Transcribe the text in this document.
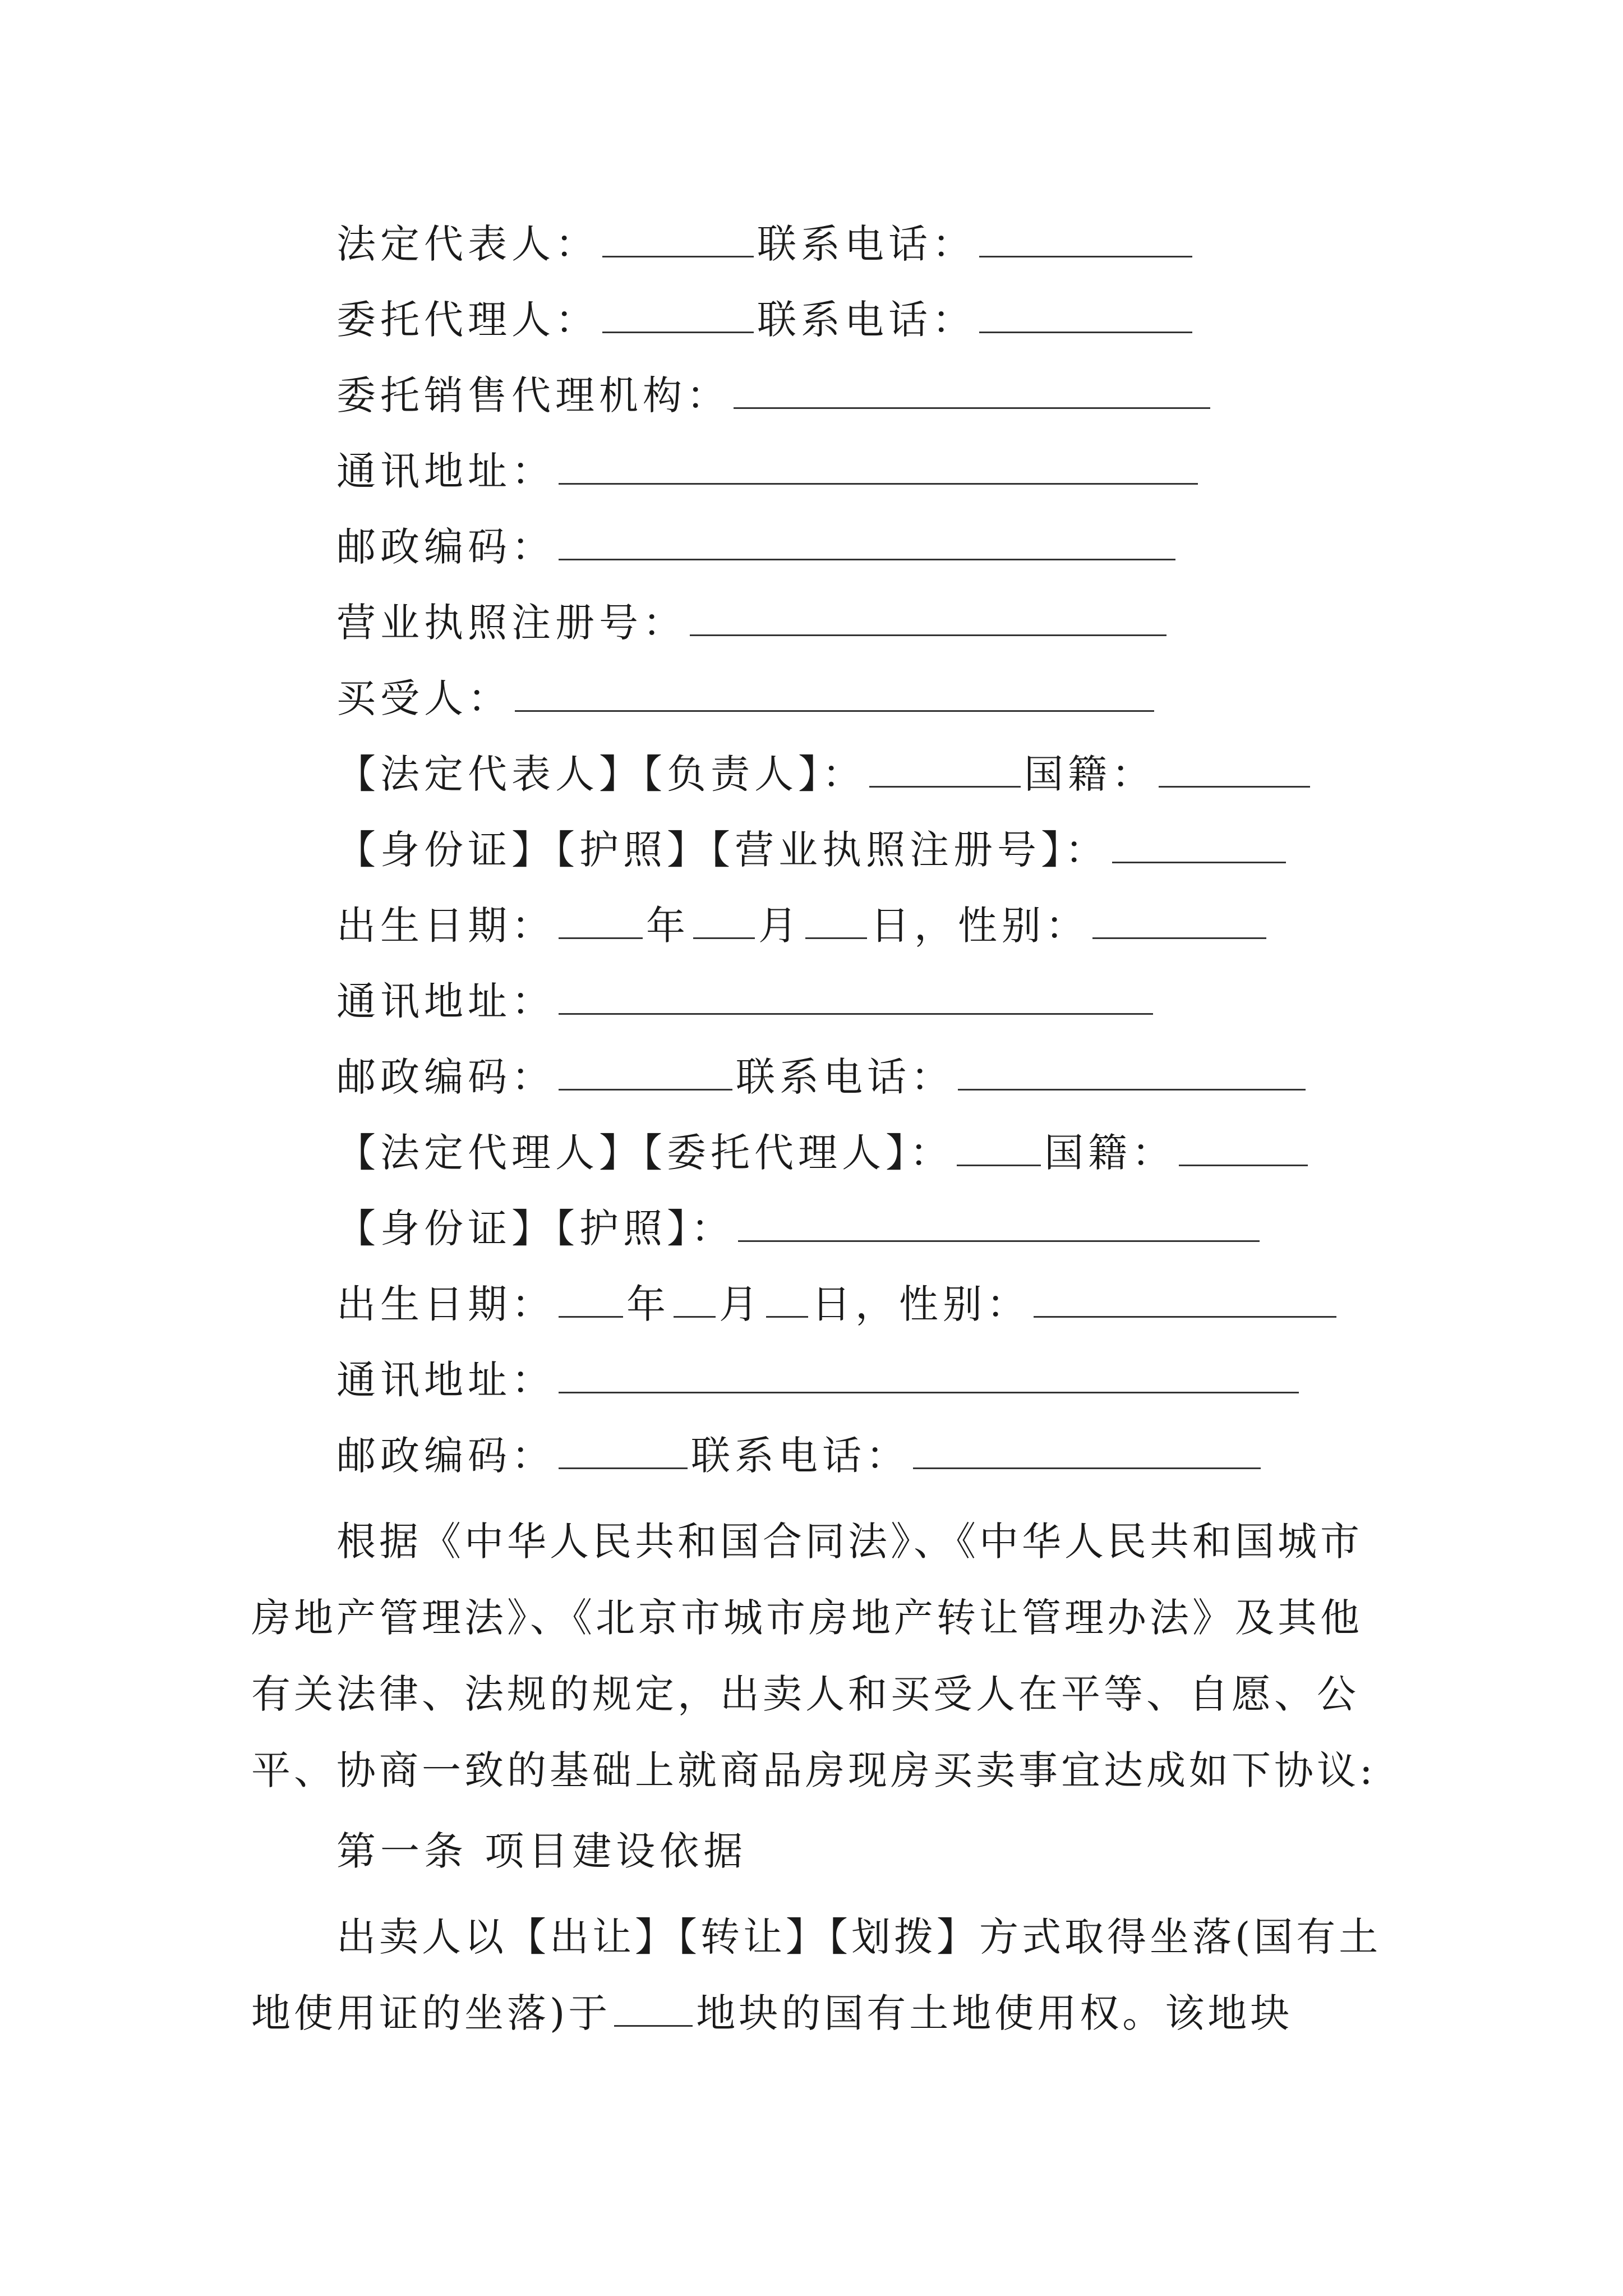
法定代表人：	联系电话：
委托代理人：	联系电话：
委托销售代理机构：
通讯地址：
邮政编码：
营业执照注册号：
买受人：
【法定代表人】【负责人】：	国籍：
【身份证】【护照】【营业执照注册号】：
出生日期： 年 月 日，性别：
通讯地址：
邮政编码：	联系电话：
【法定代理人】【委托代理人】： 国籍：
【身份证】【护照】：
出生日期： 年 月 日，性别：
通讯地址：
邮政编码：	联系电话：
根据《中华人民共和国合同法》、《中华人民共和国城市房地产管理法》、《北京市城市房地产转让管理办法》及其他有关法律、法规的规定，出卖人和买受人在平等、自愿、公平、协商一致的基础上就商品房现房买卖事宜达成如下协议:
第一条 项目建设依据
出卖人以【出让】【转让】【划拨】方式取得坐落(国有土地使用证的坐落)于 地块的国有土地使用权。该地块
